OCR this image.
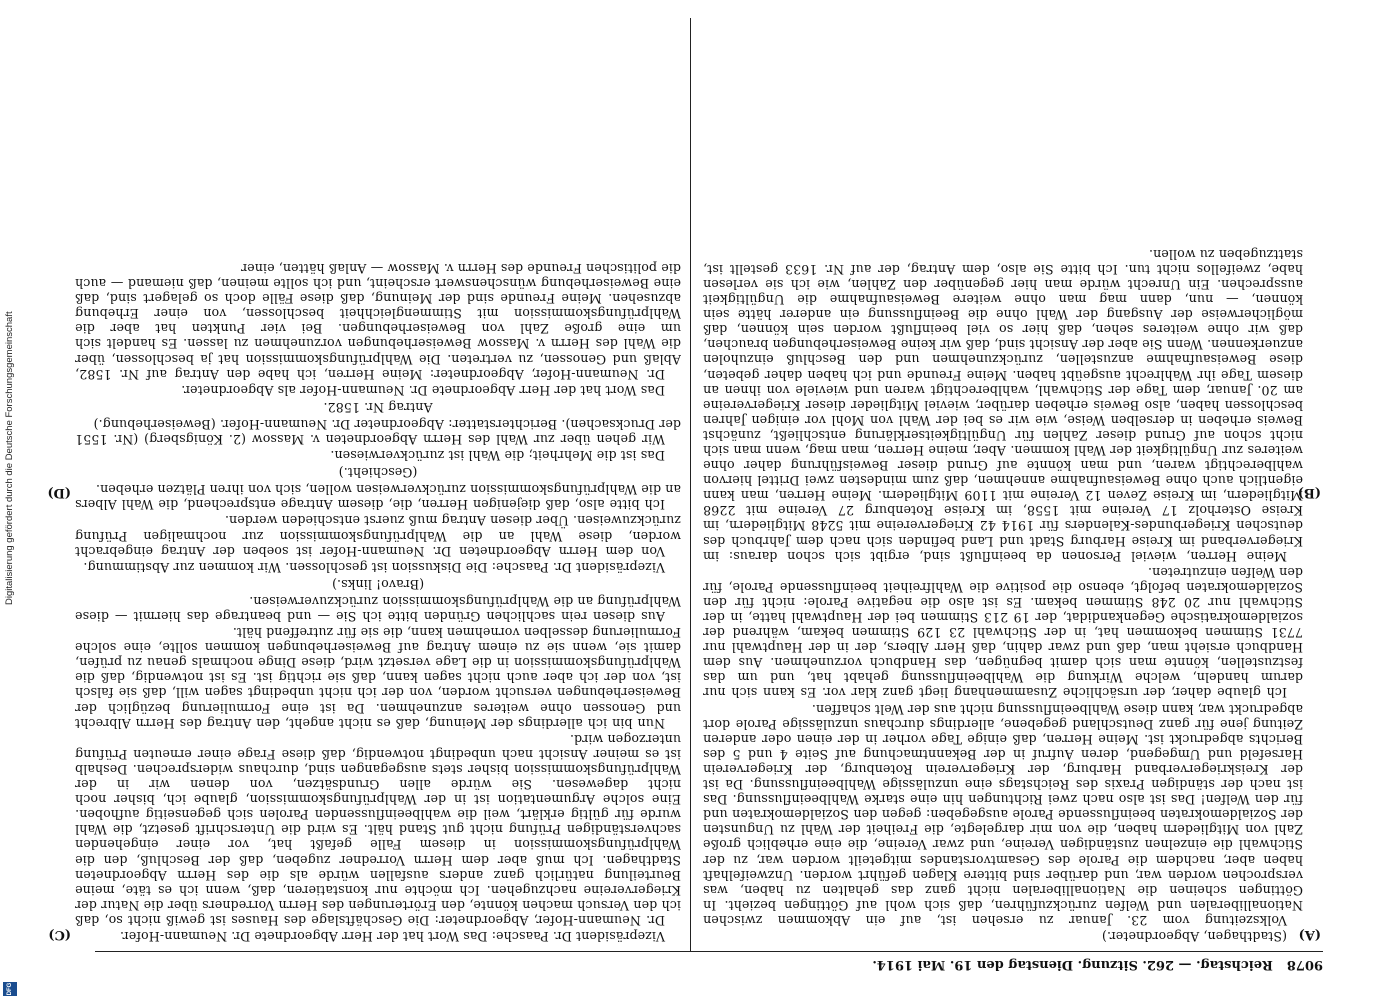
9078
Reichstag. — 262. Sitzung. Dienstag den 19. Mai 1914.
(A)
(B)
(C)
(D)

(Stadthagen, Abgeordneter.)

Volkszeitung vom 23. Januar zu ersehen ist, auf ein Abkommen zwischen Nationalliberalen und Welfen zurückzuführen, daß sich wohl auf Göttingen bezieht. In Göttingen scheinen die Nationalliberalen nicht ganz das gehalten zu haben, was versprochen worden war, und darüber sind bittere Klagen geführt worden. Unzweifelhaft haben aber, nachdem die Parole des Gesamtvorstandes mitgeteilt worden war, zu der Stichwahl die einzelnen zuständigen Vereine, und zwar Vereine, die eine erheblich große Zahl von Mitgliedern haben, die von mir dargelegte, die Freiheit der Wahl zu Ungunsten der Sozialdemokraten beeinflussende Parole ausgegeben: gegen den Sozialdemokraten und für den Welfen! Das ist also nach zwei Richtungen hin eine starke Wahlbeeinflussung. Das ist nach der ständigen Praxis des Reichstags eine unzulässige Wahlbeeinflussung. Da ist der Kreiskriegerverband Harburg, der Kriegerverein Rotenburg, der Kriegerverein Harsefeld und Umgegend, deren Aufruf in der Bekanntmachung auf Seite 4 und 5 des Berichts abgedruckt ist. Meine Herren, daß einige Tage vorher in der einen oder anderen Zeitung jene für ganz Deutschland gegebene, allerdings durchaus unzulässige Parole dort abgedruckt war, kann diese Wahlbeeinflussung nicht aus der Welt schaffen.

Ich glaube daher, der ursächliche Zusammenhang liegt ganz klar vor. Es kann sich nur darum handeln, welche Wirkung die Wahlbeeinflussung gehabt hat, und um das festzustellen, könnte man sich damit begnügen, das Handbuch vorzunehmen. Aus dem Handbuch ersieht man, daß und zwar dahin, daß Herr Albers, der in der Hauptwahl nur 7731 Stimmen bekommen hat, in der Stichwahl 23 129 Stimmen bekam, während der sozialdemokratische Gegenkandidat, der 19 213 Stimmen bei der Hauptwahl hatte, in der Stichwahl nur 20 248 Stimmen bekam. Es ist also die negative Parole: nicht für den Sozialdemokraten befolgt, ebenso die positive die Wahlfreiheit beeinflussende Parole, für den Welfen einzutreten.

Meine Herren, wieviel Personen da beeinflußt sind, ergibt sich schon daraus: im Kriegerverband im Kreise Harburg Stadt und Land befinden sich nach dem Jahrbuch des deutschen Kriegerbundes-Kalenders für 1914 42 Kriegervereine mit 5248 Mitgliedern, im Kreise Osterholz 17 Vereine mit 1558, im Kreise Rotenburg 27 Vereine mit 2268 Mitgliedern, im Kreise Zeven 12 Vereine mit 1109 Mitgliedern. Meine Herren, man kann eigentlich auch ohne Beweisaufnahme annehmen, daß zum mindesten zwei Drittel hiervon wahlberechtigt waren, und man könnte auf Grund dieser Beweisführung daher ohne weiteres zur Ungültigkeit der Wahl kommen. Aber, meine Herren, man mag, wenn man sich nicht schon auf Grund dieser Zahlen für Ungültigkeitserklärung entschließt, zunächst Beweis erheben in derselben Weise, wie wir es bei der Wahl von Mohl vor einigen Jahren beschlossen haben, also Beweis erheben darüber, wieviel Mitglieder dieser Kriegervereine am 20. Januar, dem Tage der Stichwahl, wahlberechtigt waren und wieviele von ihnen an diesem Tage ihr Wahlrecht ausgeübt haben. Meine Freunde und ich haben daher gebeten, diese Beweisaufnahme anzustellen, zurückzunehmen und den Beschluß einzuholen anzuerkennen. Wenn Sie aber der Ansicht sind, daß wir keine Beweiserhebungen brauchen, daß wir ohne weiteres sehen, daß hier so viel beeinflußt worden sein können, daß möglicherweise der Ausgang der Wahl ohne die Beeinflussung ein anderer hätte sein können, — nun, dann mag man ohne weitere Beweisaufnahme die Ungültigkeit aussprechen. Ein Unrecht würde man hier gegenüber den Zahlen, wie ich sie verlesen habe, zweifellos nicht tun. Ich bitte Sie also, dem Antrag, der auf Nr. 1633 gestellt ist, stattzugeben zu wollen.

Vizepräsident Dr. Paasche: Das Wort hat der Herr Abgeordnete Dr. Neumann-Hofer.

Dr. Neumann-Hofer, Abgeordneter: Die Geschäftslage des Hauses ist gewiß nicht so, daß ich den Versuch machen könnte, den Erörterungen des Herrn Vorredners über die Natur der Kriegervereine nachzugehen. Ich möchte nur konstatieren, daß, wenn ich es täte, meine Beurteilung natürlich ganz anders ausfallen würde als die des Herrn Abgeordneten Stadthagen. Ich muß aber dem Herrn Vorredner zugeben, daß der Beschluß, den die Wahlprüfungskommission in diesem Falle gefaßt hat, vor einer eingehenden sachverständigen Prüfung nicht gut Stand hält. Es wird die Unterschrift gesetzt, die Wahl wurde für gültig erklärt, weil die wahlbeeinflussenden Parolen sich gegenseitig aufhoben. Eine solche Argumentation ist in der Wahlprüfungskommission, glaube ich, bisher noch nicht dagewesen. Sie würde allen Grundsätzen, von denen wir in der Wahlprüfungskommission bisher stets ausgegangen sind, durchaus widersprechen. Deshalb ist es meiner Ansicht nach unbedingt notwendig, daß diese Frage einer erneuten Prüfung unterzogen wird.

Nun bin ich allerdings der Meinung, daß es nicht angeht, den Antrag des Herrn Albrecht und Genossen ohne weiteres anzunehmen. Da ist eine Formulierung bezüglich der Beweiserhebungen versucht worden, von der ich nicht unbedingt sagen will, daß sie falsch ist, von der ich aber auch nicht sagen kann, daß sie richtig ist. Es ist notwendig, daß die Wahlprüfungskommission in die Lage versetzt wird, diese Dinge nochmals genau zu prüfen, damit sie, wenn sie zu einem Antrag auf Beweiserhebungen kommen sollte, eine solche Formulierung desselben vornehmen kann, die sie für zutreffend hält.

Aus diesen rein sachlichen Gründen bitte ich Sie — und beantrage das hiermit — diese Wahlprüfung an die Wahlprüfungskommission zurückzuverweisen.

(Bravo! links.)

Vizepräsident Dr. Paasche: Die Diskussion ist geschlossen. Wir kommen zur Abstimmung.

Von dem Herrn Abgeordneten Dr. Neumann-Hofer ist soeben der Antrag eingebracht worden, diese Wahl an die Wahlprüfungskommission zur nochmaligen Prüfung zurückzuweisen. Über diesen Antrag muß zuerst entschieden werden.

Ich bitte also, daß diejenigen Herren, die, diesem Antrage entsprechend, die Wahl Albers an die Wahlprüfungskommission zurückverweisen wollen, sich von ihren Plätzen erheben.

(Geschieht.)

Das ist die Mehrheit; die Wahl ist zurückverwiesen.

Wir gehen über zur Wahl des Herrn Abgeordneten v. Massow (2. Königsberg) (Nr. 1551 der Drucksachen). Berichterstatter: Abgeordneter Dr. Neumann-Hofer. (Beweiserhebung.)

Antrag Nr. 1582.

Das Wort hat der Herr Abgeordnete Dr. Neumann-Hofer als Abgeordneter.

Dr. Neumann-Hofer, Abgeordneter: Meine Herren, ich habe den Antrag auf Nr. 1582, Ablaß und Genossen, zu vertreten. Die Wahlprüfungskommission hat ja beschlossen, über die Wahl des Herrn v. Massow Beweiserhebungen vorzunehmen zu lassen. Es handelt sich um eine große Zahl von Beweiserhebungen. Bei vier Punkten hat aber die Wahlprüfungskommission mit Stimmengleichheit beschlossen, von einer Erhebung abzusehen. Meine Freunde sind der Meinung, daß diese Fälle doch so gelagert sind, daß eine Beweiserhebung wünschenswert erscheint, und ich sollte meinen, daß niemand — auch die politischen Freunde des Herrn v. Massow — Anlaß hätten, einer

Digitalisierung gefördert durch die Deutsche Forschungsgemeinschaft
DFG
